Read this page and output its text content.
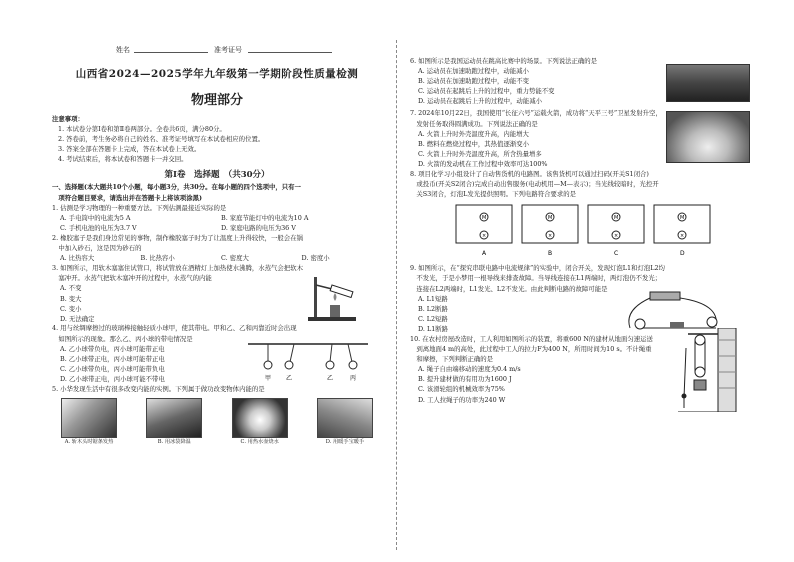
姓名	准考证号
山西省2024—2025学年九年级第一学期阶段性质量检测
物理部分
注意事项：
1. 本试卷分第Ⅰ卷和第Ⅱ卷两部分。全卷共6页，满分80分。
2. 答卷前，考生务必将自己的姓名、准考证号填写在本试卷相应的位置。
3. 答案全部在答题卡上完成，答在本试卷上无效。
4. 考试结束后，将本试卷和答题卡一并交回。
第Ⅰ卷　选择题　（共30分）
一、选择题(本大题共10个小题，每小题3分，共30分。在每小题的四个选项中，只有一
　项符合题目要求，请选出并在答题卡上将该项涂黑)
1. 估测是学习物理的一种重要方法。下列估测最接近实际的是
A. 手电筒中的电流为5 A	B. 家庭节能灯中的电流为10 A
C. 手机电池的电压为3.7 V	D. 家庭电路的电压为36 V
2. 橡胶塞子是我们身边常见的事物，制作橡胶塞子时为了让温度上升得较快，一般会在锅
　中加入砂石，这是因为砂石的
A. 比热容大	B. 比热容小	C. 密度大	D. 密度小
3. 如图所示，用软木塞塞住试管口，将试管放在酒精灯上加热使水沸腾，水蒸气会把软木
　塞冲开。水蒸气把软木塞冲开的过程中，水蒸气的内能
A. 不变
B. 变大
C. 变小
D. 无法确定
4. 用与丝绸摩擦过的玻璃棒接触轻质小球甲，使其带电。甲和乙、乙和丙靠近时会出现
　如图所示的现象。那么乙、丙小球的带电情况是
A. 乙小球带负电，丙小球可能带正电
B. 乙小球带正电，丙小球可能带正电
C. 乙小球带负电，丙小球可能带负电
D. 乙小球带正电，丙小球可能不带电	甲 乙	乙	丙
5. 小华发现生活中有很多改变内能的实例。下列属于做功改变物体内能的是
A. 斩木头时锯条发热	B. 用冰袋降温	C. 用热水壶烧水	D. 用暖手宝暖手
6. 如图所示是我国运动员在跳高比赛中的场景。下列说法正确的是
A. 运动员在加速助跑过程中，动能减小
B. 运动员在加速助跑过程中，动能不变
C. 运动员在起跳后上升的过程中，重力势能不变
D. 运动员在起跳后上升的过程中，动能减小
7. 2024年10月22日，我国使用“长征六号”运载火箭，成功将“天平三号”卫星发射升空，
　发射任务取得圆满成功。下列说法正确的是
A. 火箭上升时外壳温度升高，内能增大
B. 燃料在燃烧过程中，其热值逐渐变小
C. 火箭上升时外壳温度升高，所含热量增多
D. 火箭的发动机在工作过程中效率可达100%
8. 项目化学习小组设计了自动售货机的电路图。该售货机可以通过扫码(开关S1闭合)
　或投币(开关S2闭合)完成自动出售服务(电动机用—M—表示)；当光线较暗时，光控开
　关S3闭合，灯泡L发光提供照明。下列电路符合要求的是
M
×
A
M
×
B
M
×
C
M
×
D
9. 如图所示，在“探究串联电路中电流规律”的实验中，闭合开关，发现灯泡L1和灯泡L2均
　不发光，于是小梦用一根导线来排查故障。当导线连接在L1两端时，两灯泡仍不发光；
　连接在L2两端时，L1发光、L2不发光。由此判断电路的故障可能是
A. L1短路
B. L2断路
C. L2短路
D. L1断路
10. 在农村房屋改造时，工人利用如图所示的装置，将重600 N的建材从地面匀速运送
　到离地面4 m的高处，此过程中工人的拉力F为400 N，所用时间为10 s。不计绳重
　和摩擦，下列判断正确的是
A. 绳子自由端移动的速度为0.4 m/s
B. 提升建材做的有用功为1600 J
C. 该滑轮组的机械效率为75%
D. 工人拉绳子的功率为240 W
